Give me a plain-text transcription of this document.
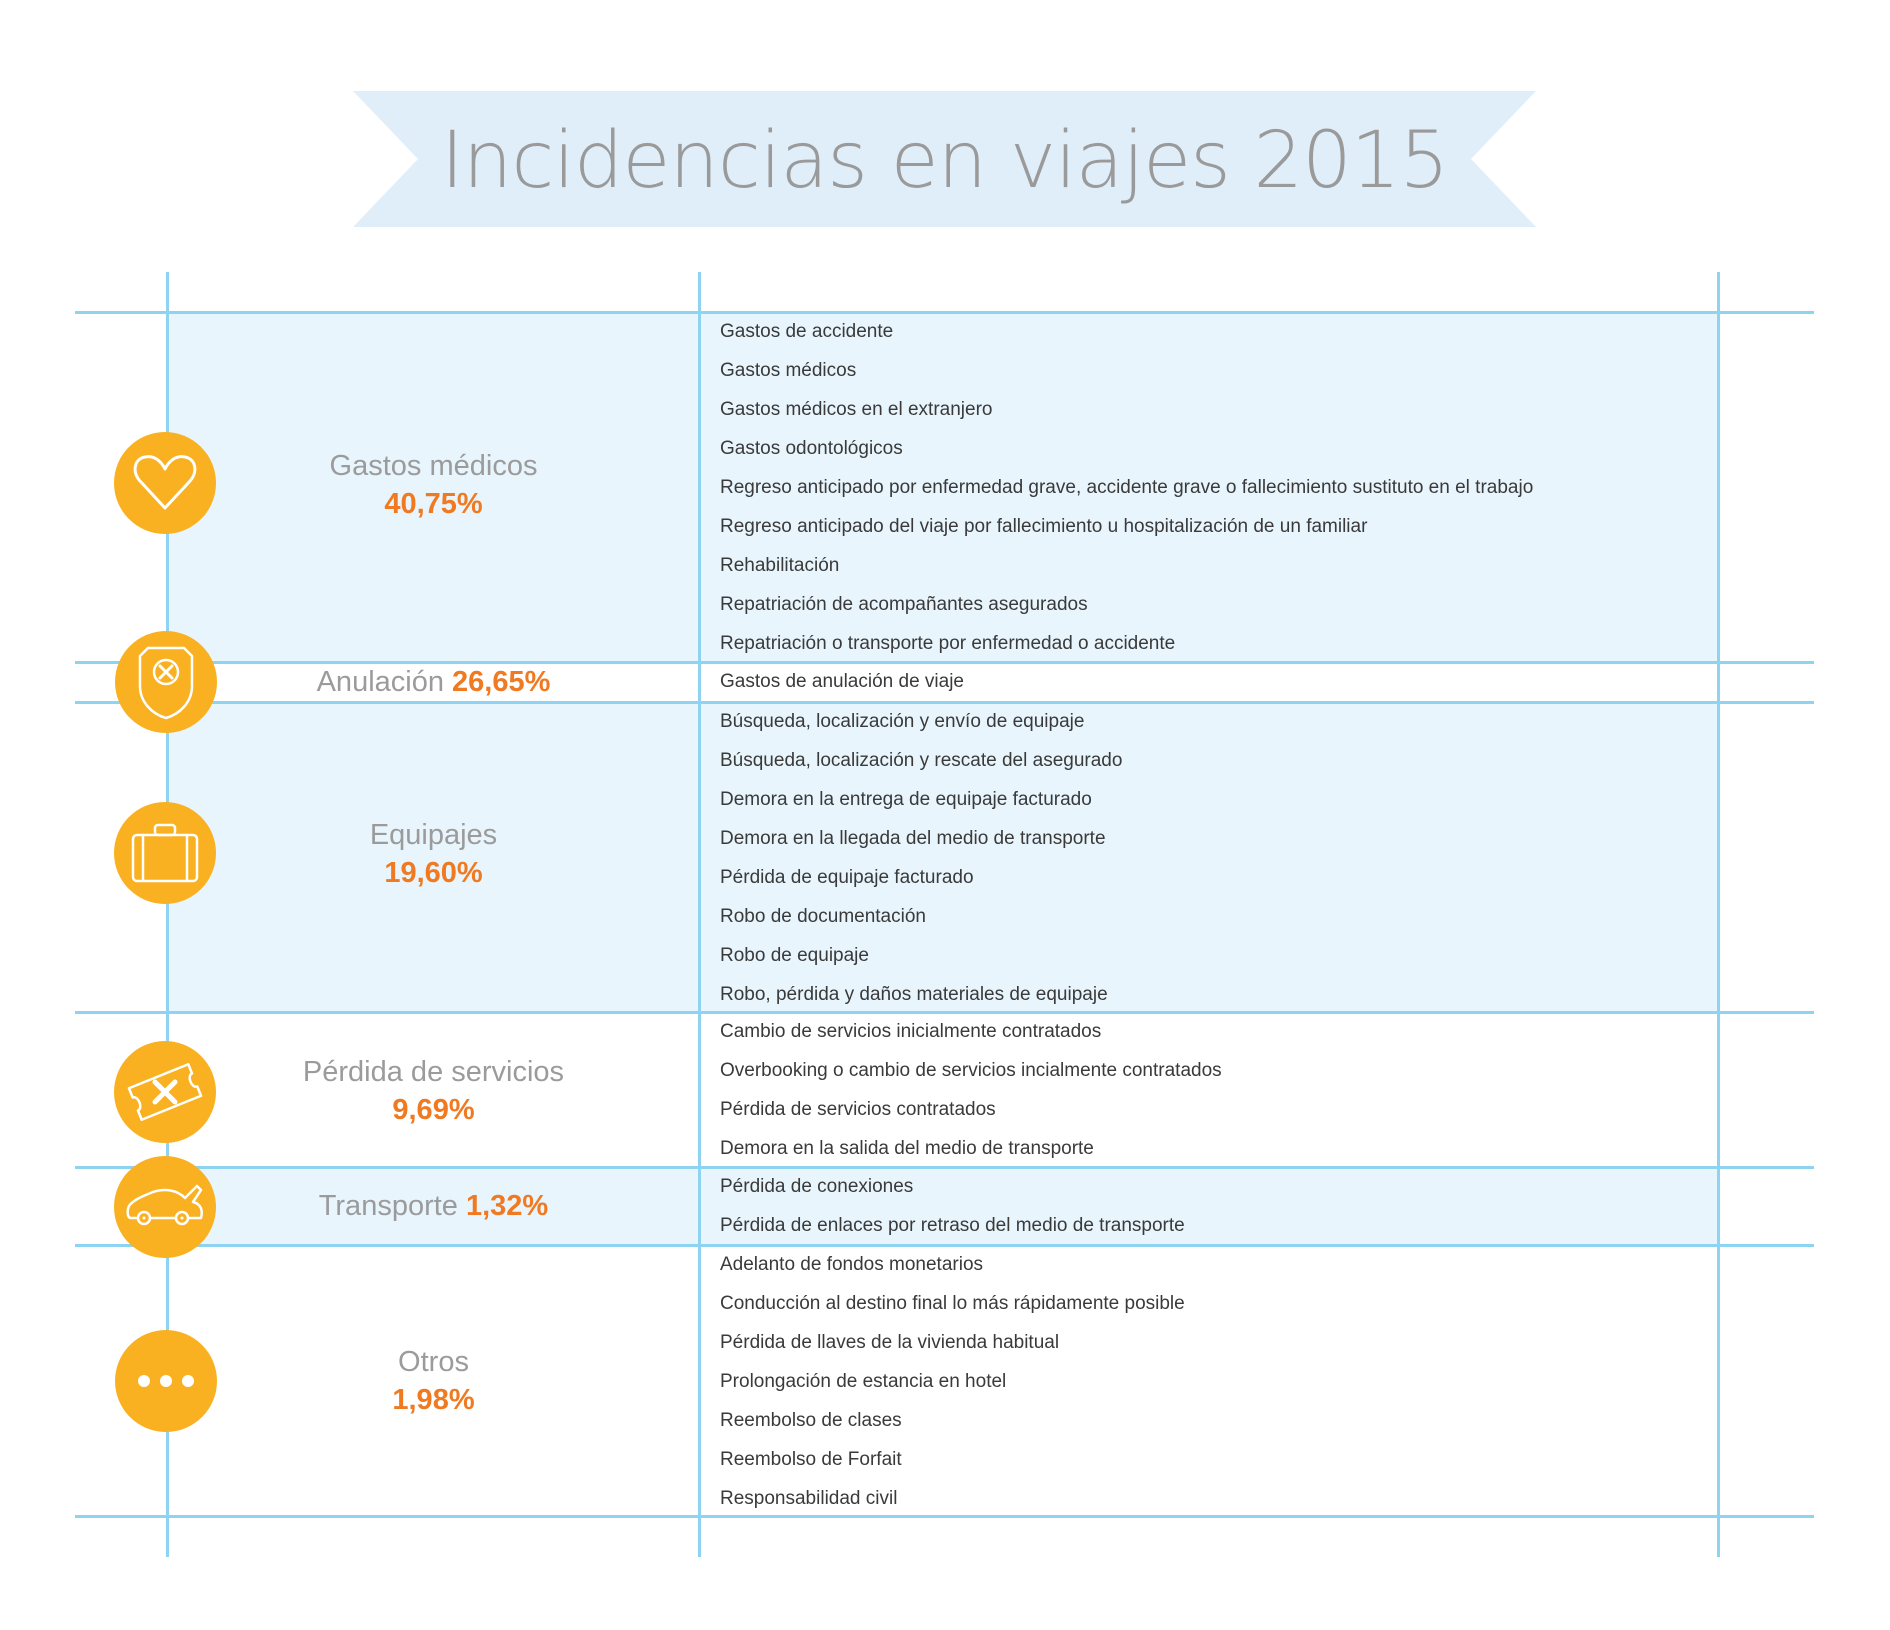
Incidencias en viajes 2015
Gastos médicos
40,75%
Gastos de accidente
Gastos médicos
Gastos médicos en el extranjero
Gastos odontológicos
Regreso anticipado por enfermedad grave, accidente grave o fallecimiento sustituto en el trabajo
Regreso anticipado del viaje por fallecimiento u hospitalización de un familiar
Rehabilitación
Repatriación de acompañantes asegurados
Repatriación o transporte por enfermedad o accidente
Anulación 26,65%	Gastos de anulación de viaje
Equipajes
19,60%
Búsqueda, localización y envío de equipaje
Búsqueda, localización y rescate del asegurado
Demora en la entrega de equipaje facturado
Demora en la llegada del medio de transporte
Pérdida de equipaje facturado
Robo de documentación
Robo de equipaje
Robo, pérdida y daños materiales de equipaje
Pérdida de servicios
9,69%
Cambio de servicios inicialmente contratados
Overbooking o cambio de servicios incialmente contratados
Pérdida de servicios contratados
Demora en la salida del medio de transporte
Transporte 1,32%
Pérdida de conexiones
Pérdida de enlaces por retraso del medio de transporte
Otros
1,98%
Adelanto de fondos monetarios
Conducción al destino final lo más rápidamente posible
Pérdida de llaves de la vivienda habitual
Prolongación de estancia en hotel
Reembolso de clases
Reembolso de Forfait
Responsabilidad civil
